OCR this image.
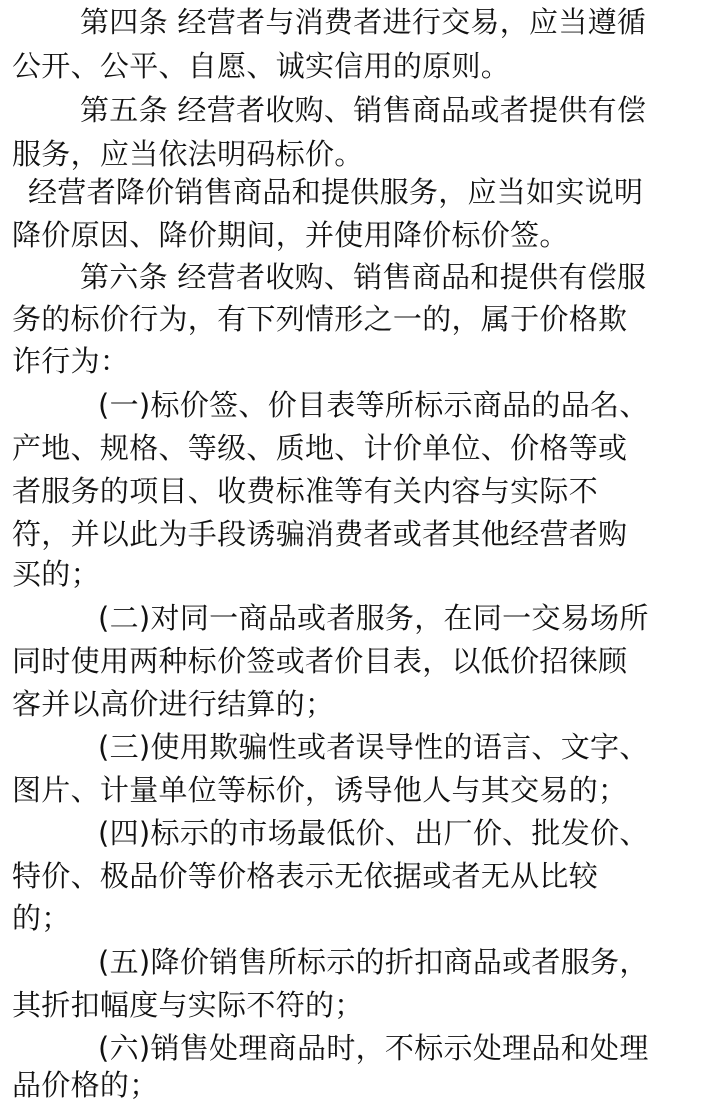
第四条 经营者与消费者进行交易，应当遵循
公开、公平、自愿、诚实信用的原则。
第五条 经营者收购、销售商品或者提供有偿
服务，应当依法明码标价。
经营者降价销售商品和提供服务，应当如实说明
降价原因、降价期间，并使用降价标价签。
第六条 经营者收购、销售商品和提供有偿服
务的标价行为，有下列情形之一的，属于价格欺
诈行为：
(一)标价签、价目表等所标示商品的品名、
产地、规格、等级、质地、计价单位、价格等或
者服务的项目、收费标准等有关内容与实际不
符，并以此为手段诱骗消费者或者其他经营者购
买的；
(二)对同一商品或者服务，在同一交易场所
同时使用两种标价签或者价目表，以低价招徕顾
客并以高价进行结算的；
(三)使用欺骗性或者误导性的语言、文字、
图片、计量单位等标价，诱导他人与其交易的；
(四)标示的市场最低价、出厂价、批发价、
特价、极品价等价格表示无依据或者无从比较
的；
(五)降价销售所标示的折扣商品或者服务，
其折扣幅度与实际不符的；
(六)销售处理商品时，不标示处理品和处理
品价格的；
